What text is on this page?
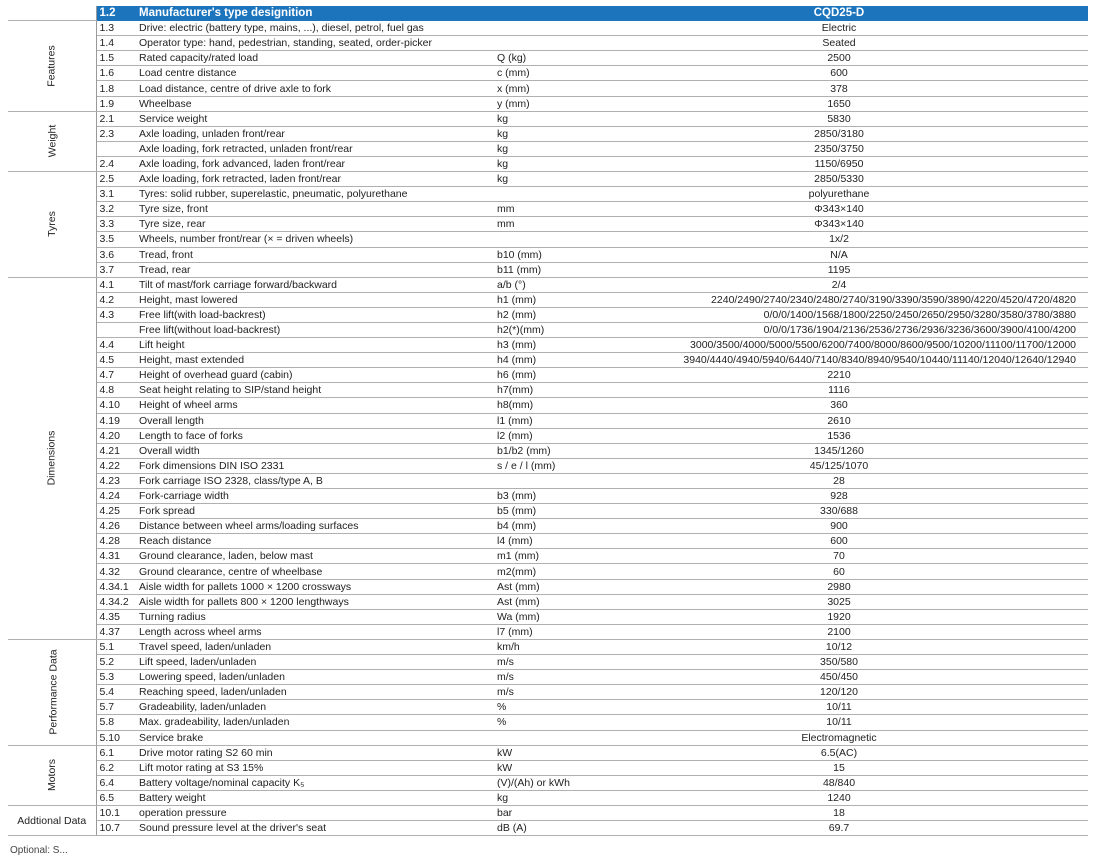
	1.2	Manufacturer's type designition		CQD25-D
Features	1.3	Drive: electric (battery type, mains, ...), diesel, petrol, fuel gas		Electric
	1.4	Operator type: hand, pedestrian, standing, seated, order-picker		Seated
	1.5	Rated capacity/rated load	Q (kg)	2500
	1.6	Load centre distance	c (mm)	600
	1.8	Load distance, centre of drive axle to fork	x (mm)	378
	1.9	Wheelbase	y (mm)	1650
Weight	2.1	Service weight	kg	5830
	2.3	Axle loading, unladen front/rear	kg	2850/3180
		Axle loading, fork retracted, unladen front/rear	kg	2350/3750
	2.4	Axle loading, fork advanced, laden front/rear	kg	1150/6950
Tyres	2.5	Axle loading, fork retracted, laden front/rear	kg	2850/5330
	3.1	Tyres: solid rubber, superelastic, pneumatic, polyurethane		polyurethane
	3.2	Tyre size, front	mm	Φ343×140
	3.3	Tyre size, rear	mm	Φ343×140
	3.5	Wheels, number front/rear (× = driven wheels)		1x/2
	3.6	Tread, front	b10 (mm)	N/A
	3.7	Tread, rear	b11 (mm)	1195
Dimensions	4.1	Tilt of mast/fork carriage forward/backward	a/b (°)	2/4
	4.2	Height, mast lowered	h1 (mm)	2240/2490/2740/2340/2480/2740/3190/3390/3590/3890/4220/4520/4720/4820
	4.3	Free lift(with load-backrest)	h2 (mm)	0/0/0/1400/1568/1800/2250/2450/2650/2950/3280/3580/3780/3880
		Free lift(without load-backrest)	h2(*)(mm)	0/0/0/1736/1904/2136/2536/2736/2936/3236/3600/3900/4100/4200
	4.4	Lift height	h3 (mm)	3000/3500/4000/5000/5500/6200/7400/8000/8600/9500/10200/11100/11700/12000
	4.5	Height, mast extended	h4 (mm)	3940/4440/4940/5940/6440/7140/8340/8940/9540/10440/11140/12040/12640/12940
	4.7	Height of overhead guard (cabin)	h6 (mm)	2210
	4.8	Seat height relating to SIP/stand height	h7(mm)	1116
	4.10	Height of wheel arms	h8(mm)	360
	4.19	Overall length	l1 (mm)	2610
	4.20	Length to face of forks	l2 (mm)	1536
	4.21	Overall width	b1/b2 (mm)	1345/1260
	4.22	Fork dimensions DIN ISO 2331	s / e / l (mm)	45/125/1070
	4.23	Fork carriage ISO 2328, class/type A, B		28
	4.24	Fork-carriage width	b3 (mm)	928
	4.25	Fork spread	b5 (mm)	330/688
	4.26	Distance between wheel arms/loading surfaces	b4 (mm)	900
	4.28	Reach distance	l4 (mm)	600
	4.31	Ground clearance, laden, below mast	m1 (mm)	70
	4.32	Ground clearance, centre of wheelbase	m2(mm)	60
	4.34.1	Aisle width for pallets 1000 × 1200 crossways	Ast (mm)	2980
	4.34.2	Aisle width for pallets 800 × 1200 lengthways	Ast (mm)	3025
	4.35	Turning radius	Wa (mm)	1920
	4.37	Length across wheel arms	l7 (mm)	2100
Performance Data	5.1	Travel speed, laden/unladen	km/h	10/12
	5.2	Lift speed, laden/unladen	m/s	350/580
	5.3	Lowering speed, laden/unladen	m/s	450/450
	5.4	Reaching speed, laden/unladen	m/s	120/120
	5.7	Gradeability, laden/unladen	%	10/11
	5.8	Max. gradeability, laden/unladen	%	10/11
	5.10	Service brake		Electromagnetic
Motors	6.1	Drive motor rating S2 60 min	kW	6.5(AC)
	6.2	Lift motor rating at S3 15%	kW	15
	6.4	Battery voltage/nominal capacity K₅	(V)/(Ah) or kWh	48/840
	6.5	Battery weight	kg	1240
Addtional Data	10.1	operation pressure	bar	18
	10.7	Sound pressure level at the driver's seat	dB (A)	69.7
Optional: S...
